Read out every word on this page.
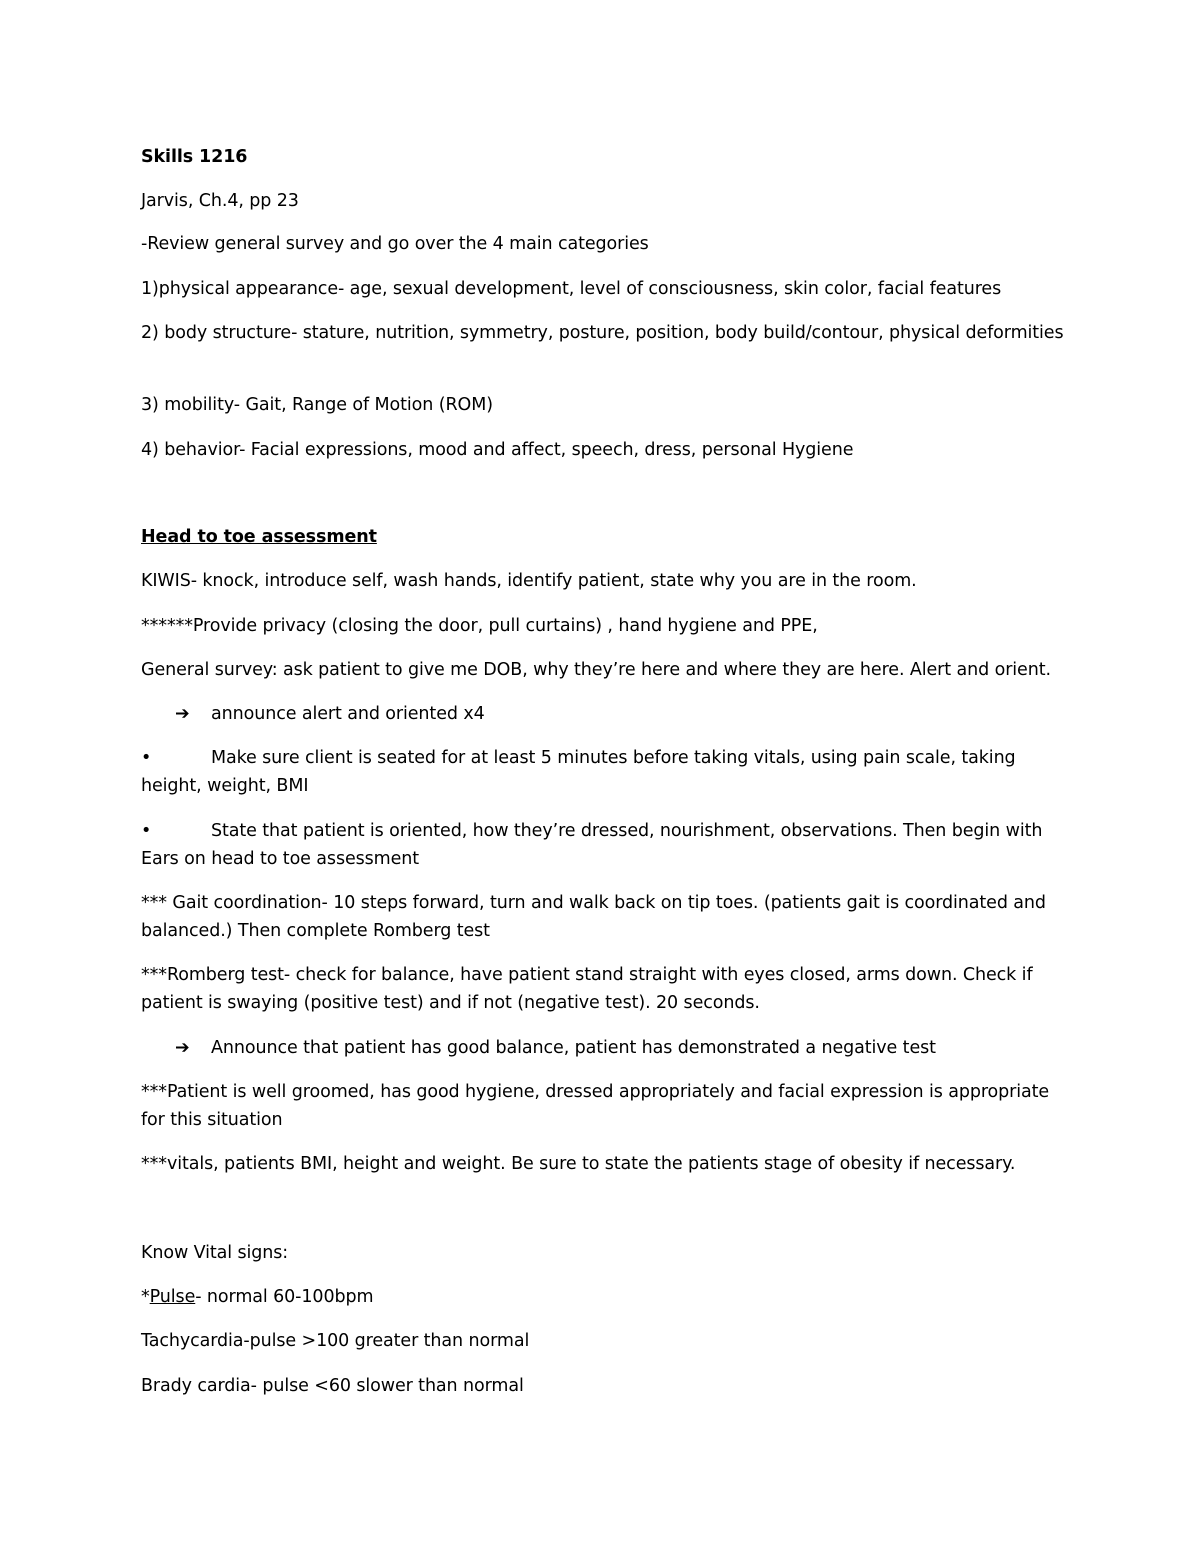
Skills 1216
Jarvis, Ch.4, pp 23
-Review general survey and go over the 4 main categories
1)physical appearance- age, sexual development, level of consciousness, skin color, facial features
2) body structure- stature, nutrition, symmetry, posture, position, body build/contour, physical deformities
3) mobility- Gait, Range of Motion (ROM)
4) behavior- Facial expressions, mood and affect, speech, dress, personal Hygiene
Head to toe assessment
KIWIS- knock, introduce self, wash hands, identify patient, state why you are in the room.
******Provide privacy (closing the door, pull curtains) , hand hygiene and PPE,
General survey: ask patient to give me DOB, why they’re here and where they are here. Alert and orient.
➔ announce alert and oriented x4
•	Make sure client is seated for at least 5 minutes before taking vitals, using pain scale, taking height, weight, BMI
•	State that patient is oriented, how they’re dressed, nourishment, observations. Then begin with Ears on head to toe assessment
*** Gait coordination- 10 steps forward, turn and walk back on tip toes. (patients gait is coordinated and balanced.) Then complete Romberg test
***Romberg test- check for balance, have patient stand straight with eyes closed, arms down. Check if patient is swaying (positive test) and if not (negative test). 20 seconds.
➔ Announce that patient has good balance, patient has demonstrated a negative test
***Patient is well groomed, has good hygiene, dressed appropriately and facial expression is appropriate for this situation
***vitals, patients BMI, height and weight. Be sure to state the patients stage of obesity if necessary.
Know Vital signs:
*Pulse- normal 60-100bpm
Tachycardia-pulse >100 greater than normal
Brady cardia- pulse <60 slower than normal
